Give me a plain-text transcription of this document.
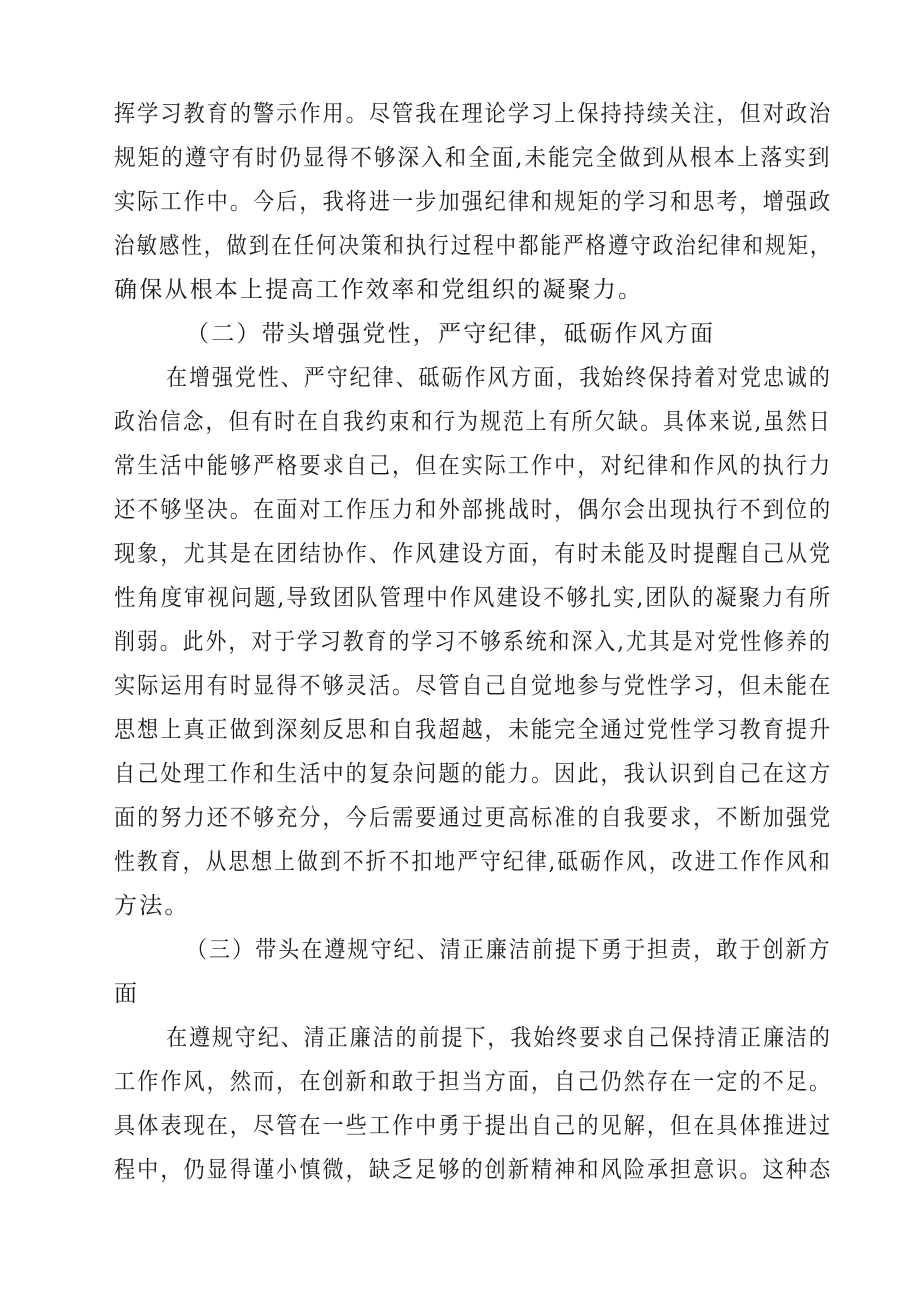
挥学习教育的警示作用。尽管我在理论学习上保持持续关注，但对政治
规矩的遵守有时仍显得不够深入和全面,未能完全做到从根本上落实到
实际工作中。今后，我将进一步加强纪律和规矩的学习和思考，增强政
治敏感性，做到在任何决策和执行过程中都能严格遵守政治纪律和规矩，
确保从根本上提高工作效率和党组织的凝聚力。
（二）带头增强党性，严守纪律，砥砺作风方面
在增强党性、严守纪律、砥砺作风方面，我始终保持着对党忠诚的
政治信念，但有时在自我约束和行为规范上有所欠缺。具体来说,虽然日
常生活中能够严格要求自己，但在实际工作中，对纪律和作风的执行力
还不够坚决。在面对工作压力和外部挑战时，偶尔会出现执行不到位的
现象，尤其是在团结协作、作风建设方面，有时未能及时提醒自己从党
性角度审视问题,导致团队管理中作风建设不够扎实,团队的凝聚力有所
削弱。此外，对于学习教育的学习不够系统和深入,尤其是对党性修养的
实际运用有时显得不够灵活。尽管自己自觉地参与党性学习，但未能在
思想上真正做到深刻反思和自我超越，未能完全通过党性学习教育提升
自己处理工作和生活中的复杂问题的能力。因此，我认识到自己在这方
面的努力还不够充分，今后需要通过更高标准的自我要求，不断加强党
性教育，从思想上做到不折不扣地严守纪律,砥砺作风，改进工作作风和
方法。
（三）带头在遵规守纪、清正廉洁前提下勇于担责，敢于创新方
面
在遵规守纪、清正廉洁的前提下，我始终要求自己保持清正廉洁的
工作作风，然而，在创新和敢于担当方面，自己仍然存在一定的不足。
具体表现在，尽管在一些工作中勇于提出自己的见解，但在具体推进过
程中，仍显得谨小慎微，缺乏足够的创新精神和风险承担意识。这种态
